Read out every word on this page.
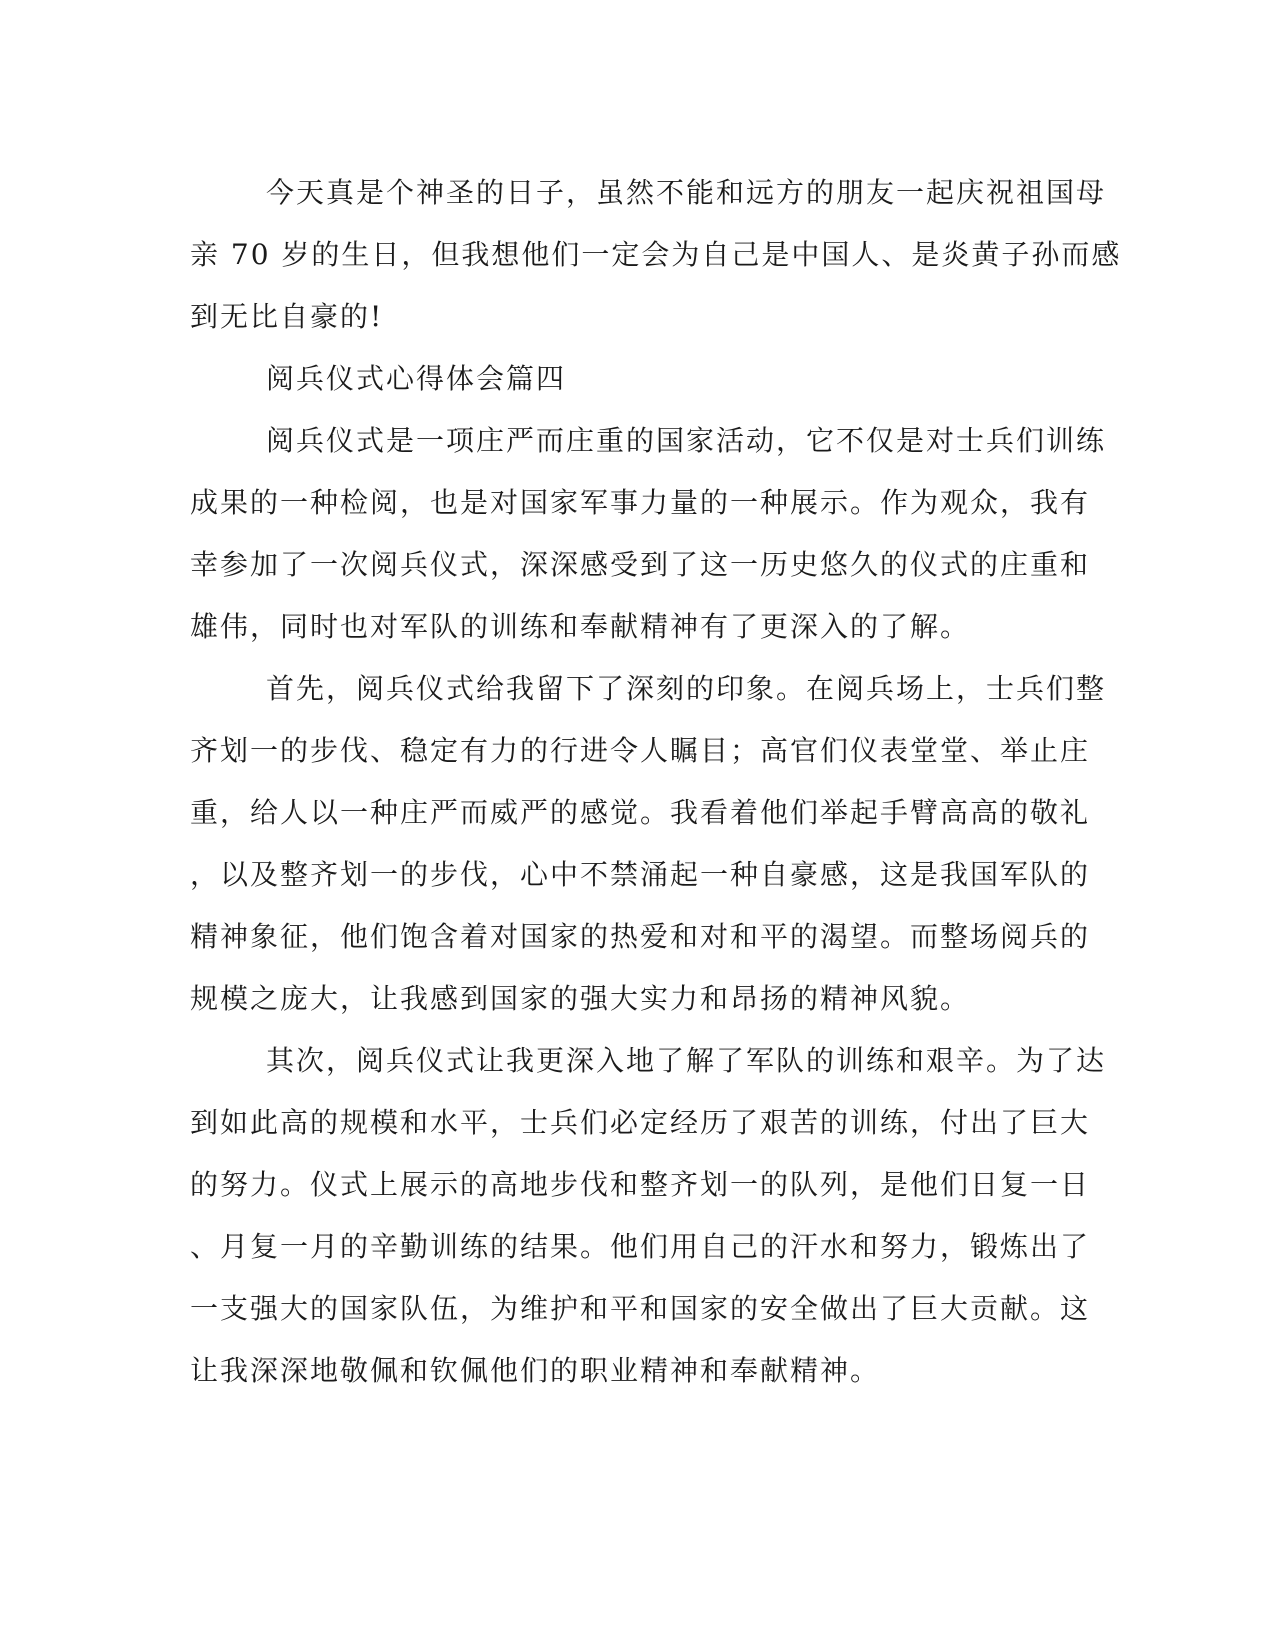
今天真是个神圣的日子，虽然不能和远方的朋友一起庆祝祖国母
亲 70 岁的生日，但我想他们一定会为自己是中国人、是炎黄子孙而感
到无比自豪的!

阅兵仪式心得体会篇四

阅兵仪式是一项庄严而庄重的国家活动，它不仅是对士兵们训练
成果的一种检阅，也是对国家军事力量的一种展示。作为观众，我有
幸参加了一次阅兵仪式，深深感受到了这一历史悠久的仪式的庄重和
雄伟，同时也对军队的训练和奉献精神有了更深入的了解。

首先，阅兵仪式给我留下了深刻的印象。在阅兵场上，士兵们整
齐划一的步伐、稳定有力的行进令人瞩目；高官们仪表堂堂、举止庄
重，给人以一种庄严而威严的感觉。我看着他们举起手臂高高的敬礼
，以及整齐划一的步伐，心中不禁涌起一种自豪感，这是我国军队的
精神象征，他们饱含着对国家的热爱和对和平的渴望。而整场阅兵的
规模之庞大，让我感到国家的强大实力和昂扬的精神风貌。

其次，阅兵仪式让我更深入地了解了军队的训练和艰辛。为了达
到如此高的规模和水平，士兵们必定经历了艰苦的训练，付出了巨大
的努力。仪式上展示的高地步伐和整齐划一的队列，是他们日复一日
、月复一月的辛勤训练的结果。他们用自己的汗水和努力，锻炼出了
一支强大的国家队伍，为维护和平和国家的安全做出了巨大贡献。这
让我深深地敬佩和钦佩他们的职业精神和奉献精神。
